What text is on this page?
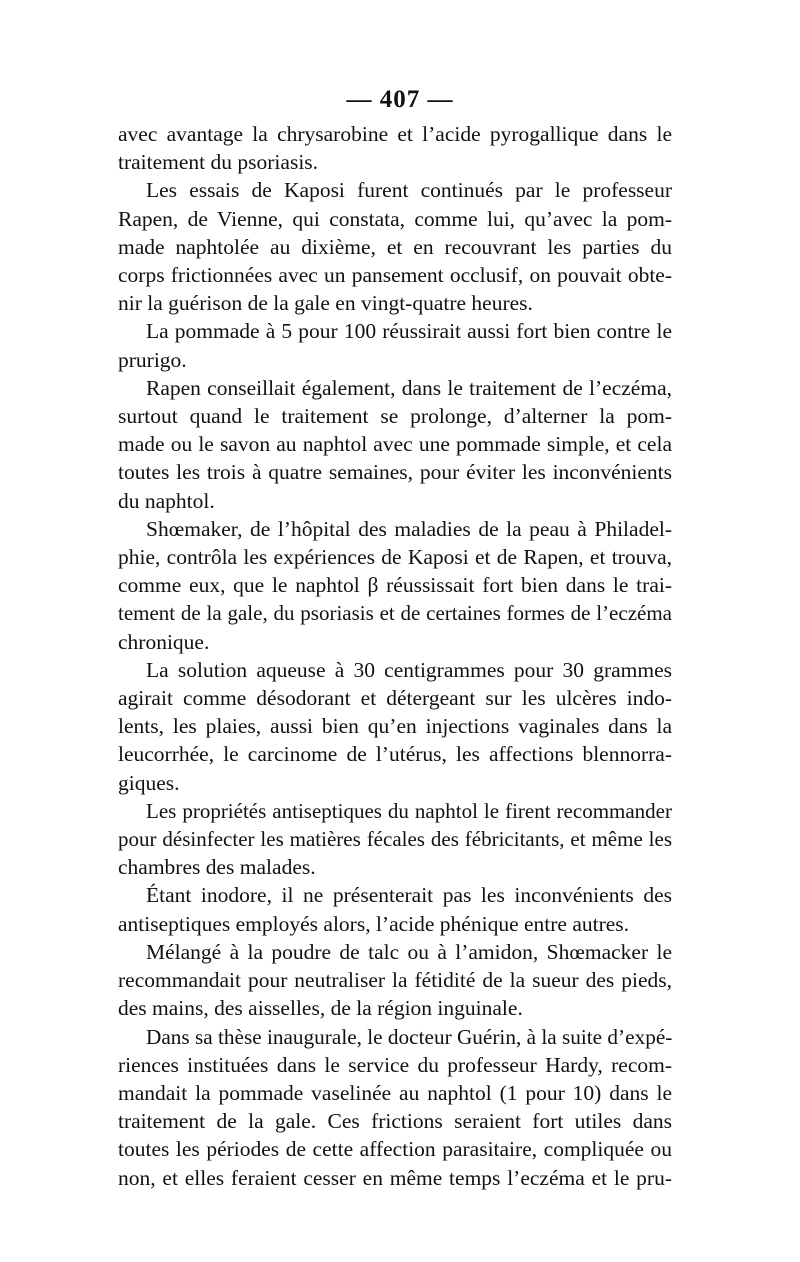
— 407 —
avec avantage la chrysarobine et l’acide pyrogallique dans le
traitement du psoriasis.
Les essais de Kaposi furent continués par le professeur
Rapen, de Vienne, qui constata, comme lui, qu’avec la pom-
made naphtolée au dixième, et en recouvrant les parties du
corps frictionnées avec un pansement occlusif, on pouvait obte-
nir la guérison de la gale en vingt-quatre heures.
La pommade à 5 pour 100 réussirait aussi fort bien contre le
prurigo.
Rapen conseillait également, dans le traitement de l’eczéma,
surtout quand le traitement se prolonge, d’alterner la pom-
made ou le savon au naphtol avec une pommade simple, et cela
toutes les trois à quatre semaines, pour éviter les inconvénients
du naphtol.
Shœmaker, de l’hôpital des maladies de la peau à Philadel-
phie, contrôla les expériences de Kaposi et de Rapen, et trouva,
comme eux, que le naphtol β réussissait fort bien dans le trai-
tement de la gale, du psoriasis et de certaines formes de l’eczéma
chronique.
La solution aqueuse à 30 centigrammes pour 30 grammes
agirait comme désodorant et détergeant sur les ulcères indo-
lents, les plaies, aussi bien qu’en injections vaginales dans la
leucorrhée, le carcinome de l’utérus, les affections blennorra-
giques.
Les propriétés antiseptiques du naphtol le firent recommander
pour désinfecter les matières fécales des fébricitants, et même les
chambres des malades.
Étant inodore, il ne présenterait pas les inconvénients des
antiseptiques employés alors, l’acide phénique entre autres.
Mélangé à la poudre de talc ou à l’amidon, Shœmacker le
recommandait pour neutraliser la fétidité de la sueur des pieds,
des mains, des aisselles, de la région inguinale.
Dans sa thèse inaugurale, le docteur Guérin, à la suite d’expé-
riences instituées dans le service du professeur Hardy, recom-
mandait la pommade vaselinée au naphtol (1 pour 10) dans le
traitement de la gale. Ces frictions seraient fort utiles dans
toutes les périodes de cette affection parasitaire, compliquée ou
non, et elles feraient cesser en même temps l’eczéma et le pru-
